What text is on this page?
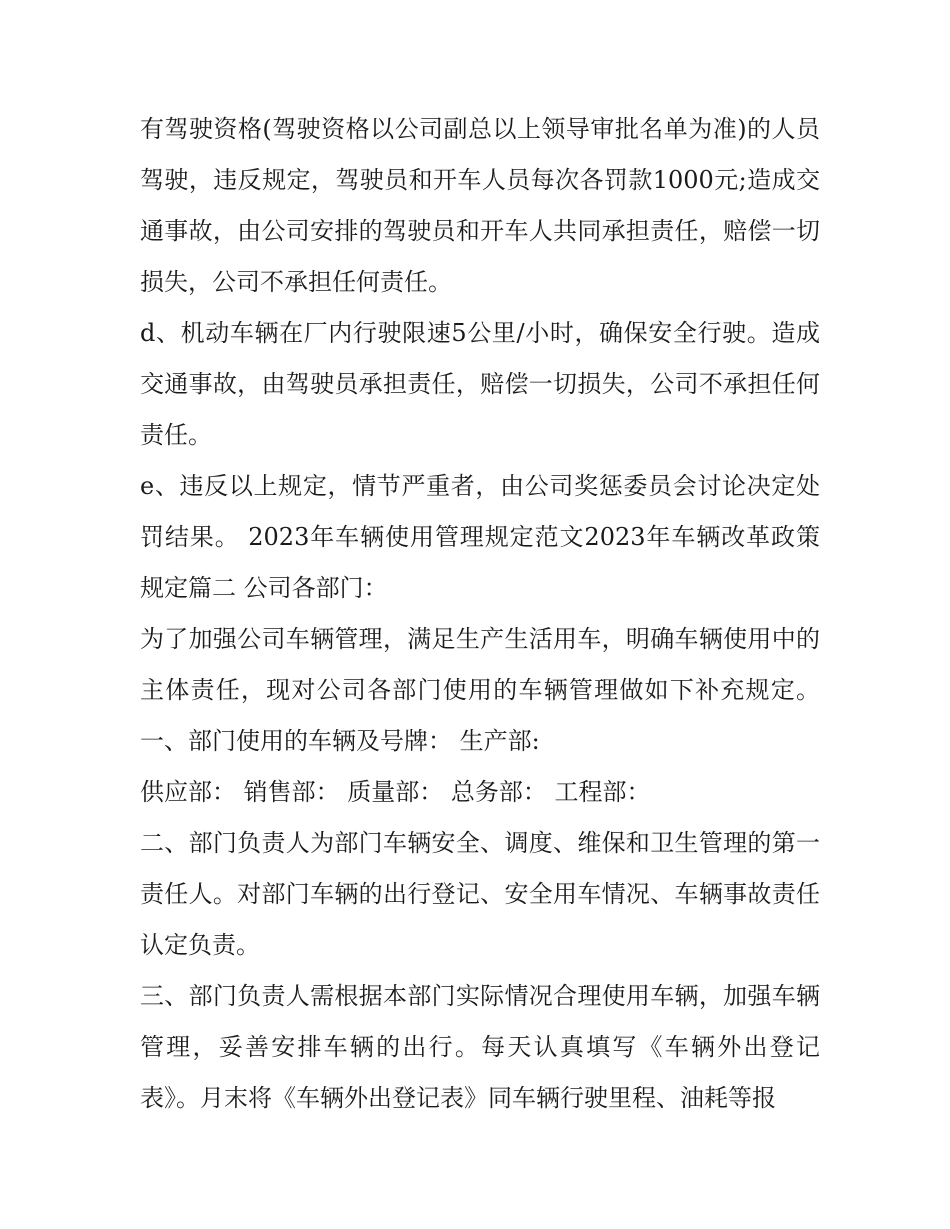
有驾驶资格(驾驶资格以公司副总以上领导审批名单为准)的人员驾驶，违反规定，驾驶员和开车人员每次各罚款1000元;造成交通事故，由公司安排的驾驶员和开车人共同承担责任，赔偿一切损失，公司不承担任何责任。

d、机动车辆在厂内行驶限速5公里/小时，确保安全行驶。造成交通事故，由驾驶员承担责任，赔偿一切损失，公司不承担任何责任。

e、违反以上规定，情节严重者，由公司奖惩委员会讨论决定处罚结果。 2023年车辆使用管理规定范文2023年车辆改革政策规定篇二 公司各部门：

为了加强公司车辆管理，满足生产生活用车，明确车辆使用中的主体责任，现对公司各部门使用的车辆管理做如下补充规定。 一、部门使用的车辆及号牌： 生产部:

供应部： 销售部： 质量部： 总务部： 工程部：

二、部门负责人为部门车辆安全、调度、维保和卫生管理的第一责任人。对部门车辆的出行登记、安全用车情况、车辆事故责任认定负责。

三、部门负责人需根据本部门实际情况合理使用车辆，加强车辆管理，妥善安排车辆的出行。每天认真填写《车辆外出登记表》。月末将《车辆外出登记表》同车辆行驶里程、油耗等报
